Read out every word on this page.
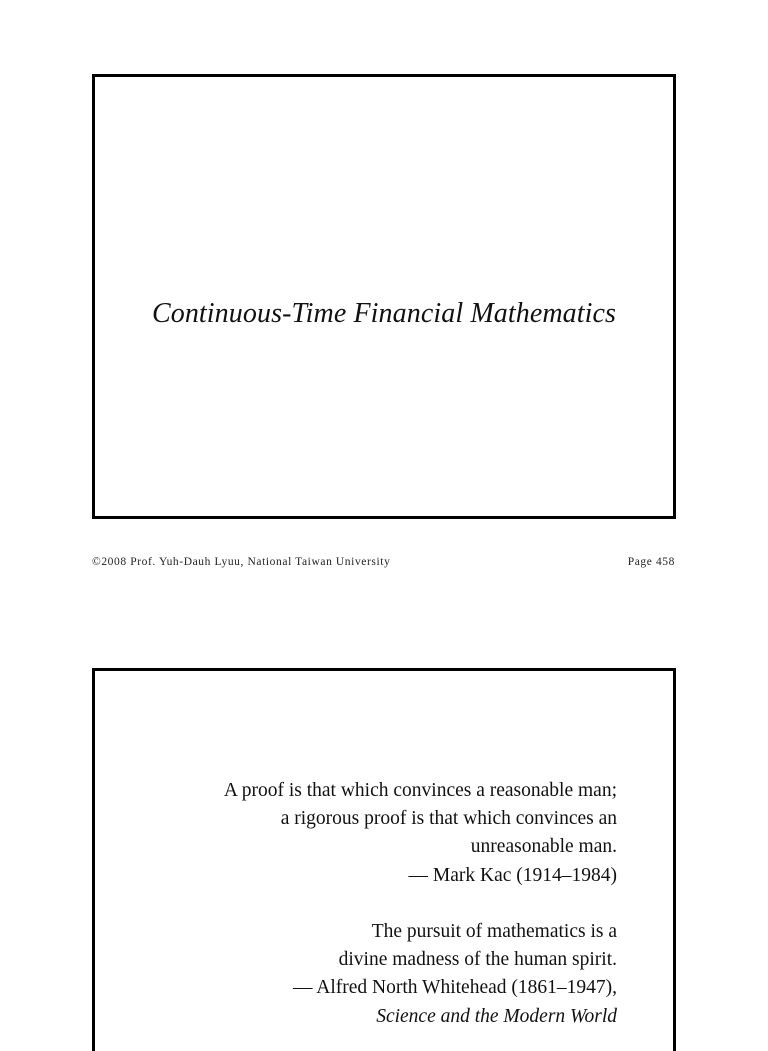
Continuous-Time Financial Mathematics
©2008 Prof. Yuh-Dauh Lyuu, National Taiwan University	Page 458
A proof is that which convinces a reasonable man;
a rigorous proof is that which convinces an
unreasonable man.
— Mark Kac (1914–1984)
The pursuit of mathematics is a
divine madness of the human spirit.
— Alfred North Whitehead (1861–1947),
Science and the Modern World
